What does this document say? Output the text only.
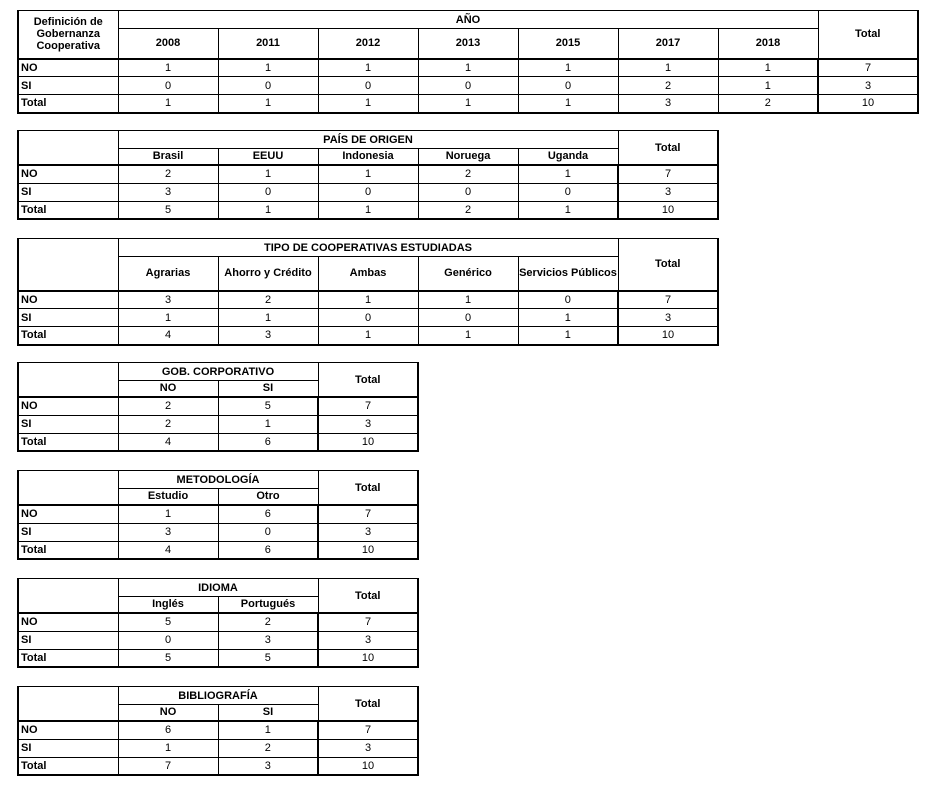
Definición de
Gobernanza
Cooperativa	AÑO							Total
	2008	2011	2012	2013	2015	2017	2018	
NO	1	1	1	1	1	1	1	7
SI	0	0	0	0	0	2	1	3
Total	1	1	1	1	1	3	2	10
	PAÍS DE ORIGEN					Total
	Brasil	EEUU	Indonesia	Noruega	Uganda	
NO	2	1	1	2	1	7
SI	3	0	0	0	0	3
Total	5	1	1	2	1	10
	TIPO DE COOPERATIVAS ESTUDIADAS					Total
	Agrarias	Ahorro y Crédito	Ambas	Genérico	Servicios Públicos	
NO	3	2	1	1	0	7
SI	1	1	0	0	1	3
Total	4	3	1	1	1	10
	GOB. CORPORATIVO		Total
	NO	SI	
NO	2	5	7
SI	2	1	3
Total	4	6	10
	METODOLOGÍA		Total
	Estudio	Otro	
NO	1	6	7
SI	3	0	3
Total	4	6	10
	IDIOMA		Total
	Inglés	Portugués	
NO	5	2	7
SI	0	3	3
Total	5	5	10
	BIBLIOGRAFÍA		Total
	NO	SI	
NO	6	1	7
SI	1	2	3
Total	7	3	10
